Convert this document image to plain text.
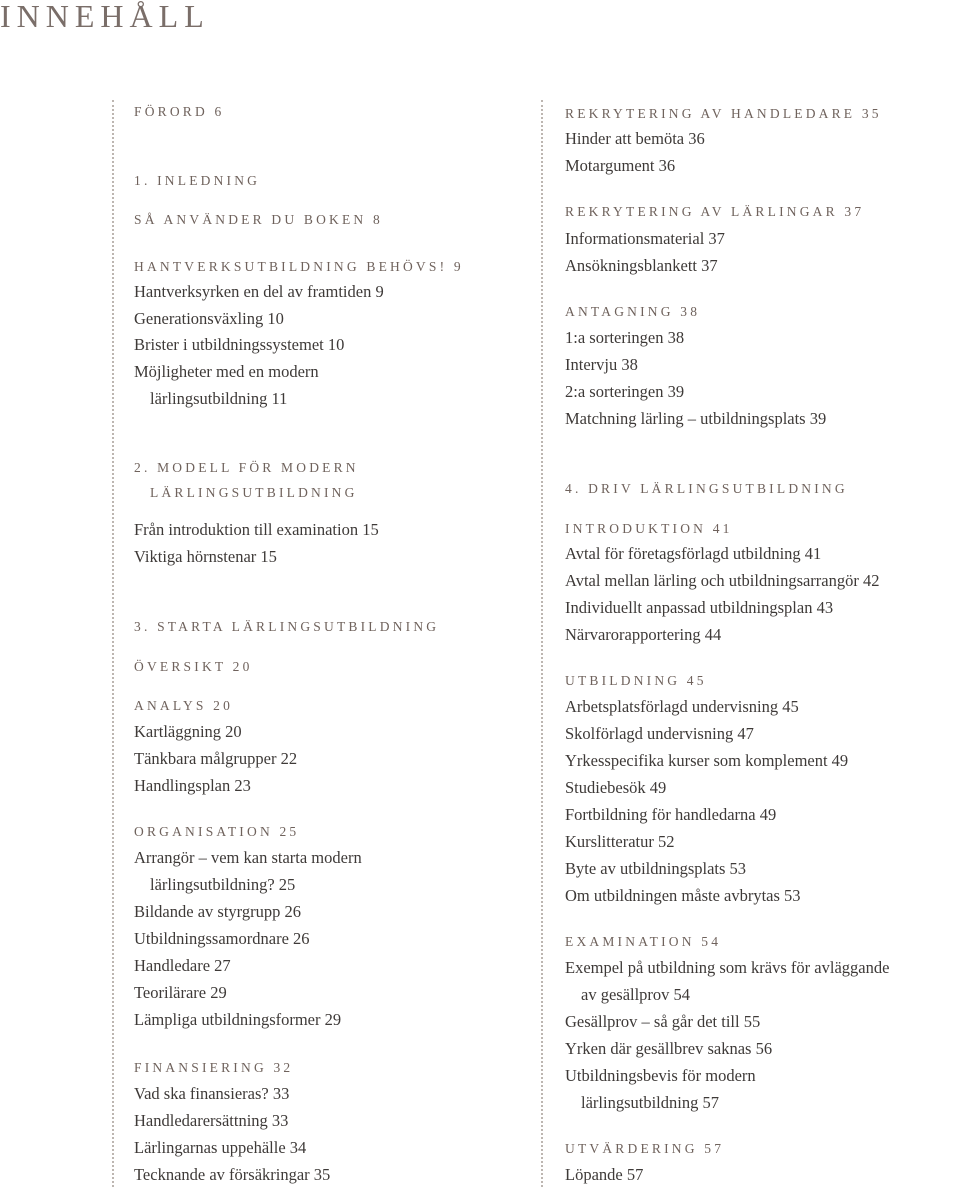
INNEHÅLL
FÖRORD 6
1. INLEDNING
SÅ ANVÄNDER DU BOKEN 8
HANTVERKSUTBILDNING BEHÖVS! 9
Hantverksyrken en del av framtiden 9
Generationsväxling 10
Brister i utbildningssystemet 10
Möjligheter med en modern
lärlingsutbildning 11
2. MODELL FÖR MODERN
LÄRLINGSUTBILDNING
Från introduktion till examination 15
Viktiga hörnstenar 15
3. STARTA LÄRLINGSUTBILDNING
ÖVERSIKT 20
ANALYS 20
Kartläggning 20
Tänkbara målgrupper 22
Handlingsplan 23
ORGANISATION 25
Arrangör – vem kan starta modern
lärlingsutbildning? 25
Bildande av styrgrupp 26
Utbildningssamordnare 26
Handledare 27
Teorilärare 29
Lämpliga utbildningsformer 29
FINANSIERING 32
Vad ska finansieras? 33
Handledarersättning 33
Lärlingarnas uppehälle 34
Tecknande av försäkringar 35
REKRYTERING AV HANDLEDARE 35
Hinder att bemöta 36
Motargument 36
REKRYTERING AV LÄRLINGAR 37
Informationsmaterial 37
Ansökningsblankett 37
ANTAGNING 38
1:a sorteringen 38
Intervju 38
2:a sorteringen 39
Matchning lärling – utbildningsplats 39
4. DRIV LÄRLINGSUTBILDNING
INTRODUKTION 41
Avtal för företagsförlagd utbildning 41
Avtal mellan lärling och utbildningsarrangör 42
Individuellt anpassad utbildningsplan 43
Närvarorapportering 44
UTBILDNING 45
Arbetsplatsförlagd undervisning 45
Skolförlagd undervisning 47
Yrkesspecifika kurser som komplement 49
Studiebesök 49
Fortbildning för handledarna 49
Kurslitteratur 52
Byte av utbildningsplats 53
Om utbildningen måste avbrytas 53
EXAMINATION 54
Exempel på utbildning som krävs för avläggande
av gesällprov 54
Gesällprov – så går det till 55
Yrken där gesällbrev saknas 56
Utbildningsbevis för modern
lärlingsutbildning 57
UTVÄRDERING 57
Löpande 57
